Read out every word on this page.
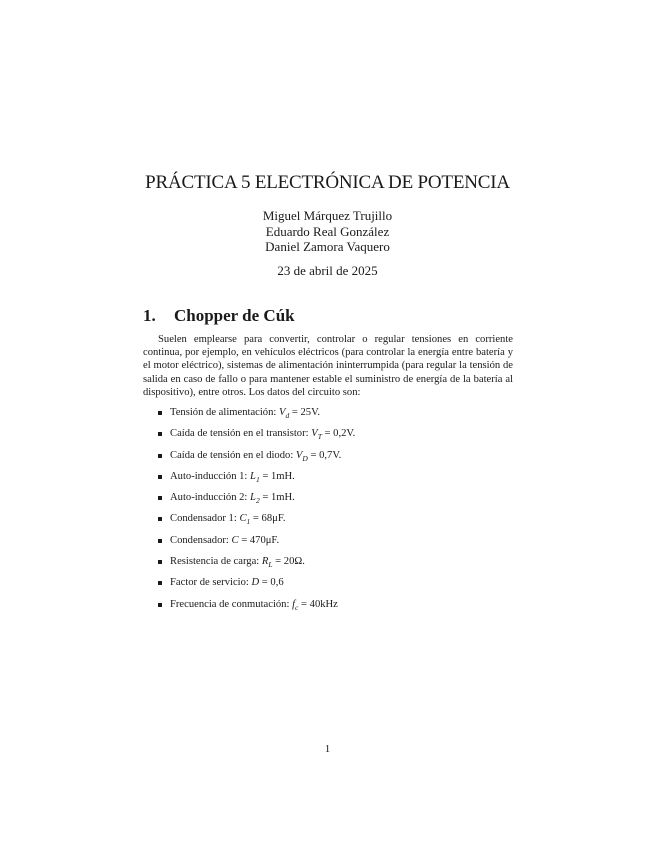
PRÁCTICA 5 ELECTRÓNICA DE POTENCIA
Miguel Márquez Trujillo
Eduardo Real González
Daniel Zamora Vaquero
23 de abril de 2025
1. Chopper de Cúk
Suelen emplearse para convertir, controlar o regular tensiones en corriente continua, por ejemplo, en vehículos eléctricos (para controlar la energía entre batería y el motor eléctrico), sistemas de alimentación ininterrumpida (para regular la tensión de salida en caso de fallo o para mantener estable el suministro de energía de la batería al dispositivo), entre otros. Los datos del circuito son:
Tensión de alimentación: $V_d = 25V$.
Caída de tensión en el transistor: $V_T = 0,2V$.
Caída de tensión en el diodo: $V_D = 0,7V$.
Auto-inducción 1: $L_1 = 1mH$.
Auto-inducción 2: $L_2 = 1mH$.
Condensador 1: $C_1 = 68\mu F$.
Condensador: C = 470μF.
Resistencia de carga: $R_L = 20\Omega$.
Factor de servicio: D = 0,6
Frecuencia de conmutación: $f_c = 40kHz$
1
